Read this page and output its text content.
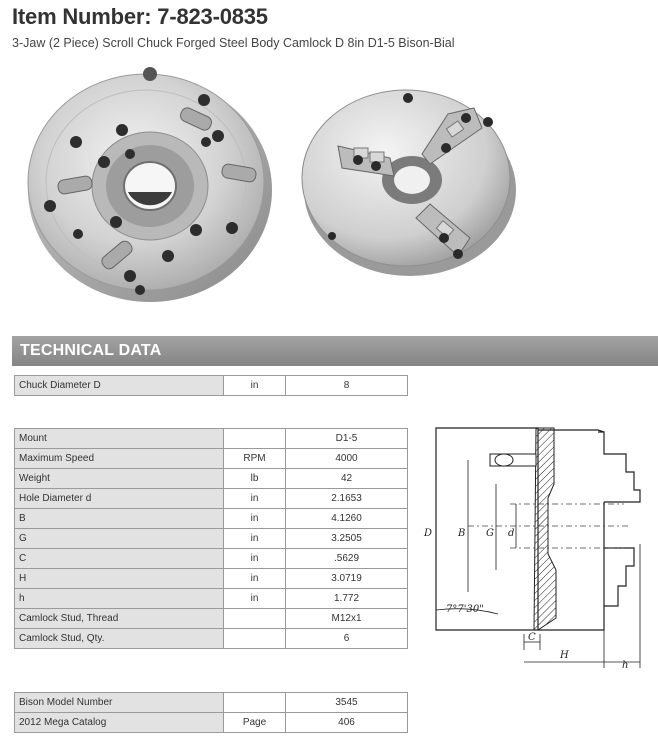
Item Number: 7-823-0835
3-Jaw (2 Piece) Scroll Chuck Forged Steel Body Camlock D 8in D1-5 Bison-Bial
TECHNICAL DATA
Chuck Diameter D	in	8
Mount		D1-5
Maximum Speed	RPM	4000
Weight	lb	42
Hole Diameter d	in	2.1653
B	in	4.1260
G	in	3.2505
C	in	.5629
H	in	3.0719
h	in	1.772
Camlock Stud, Thread		M12x1
Camlock Stud, Qty.		6
Bison Model Number		3545
2012 Mega Catalog	Page	406
D	B G d
C
H
h
7°7'30"
